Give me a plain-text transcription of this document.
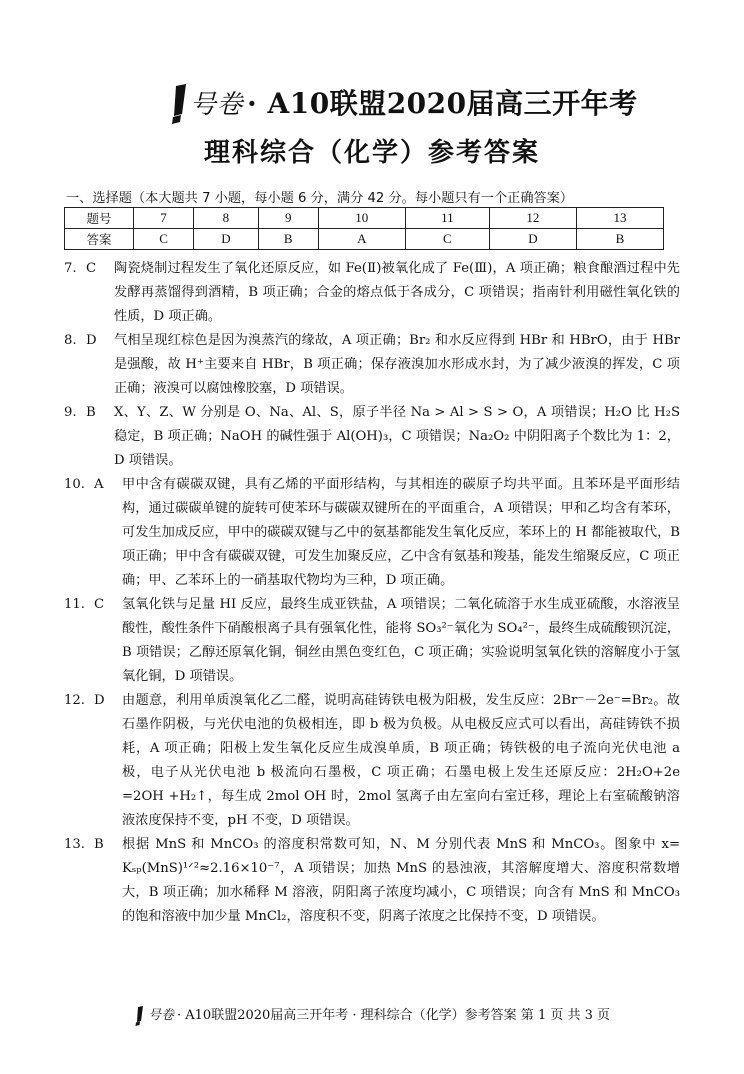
号卷 · A10联盟2020届高三开年考
理科综合（化学）参考答案
一、选择题（本大题共 7 小题，每小题 6 分，满分 42 分。每小题只有一个正确答案）
题号	7	8	9	10	11	12	13
答案	C	D	B	A	C	D	B
7. C	陶瓷烧制过程发生了氧化还原反应，如 Fe(Ⅱ)被氧化成了 Fe(Ⅲ)，A 项正确；粮食酿酒过程中先发酵再蒸馏得到酒精，B 项正确；合金的熔点低于各成分，C 项错误；指南针利用磁性氧化铁的性质，D 项正确。
8. D	气相呈现红棕色是因为溴蒸汽的缘故，A 项正确；Br₂ 和水反应得到 HBr 和 HBrO，由于 HBr 是强酸，故 H⁺主要来自 HBr，B 项正确；保存液溴加水形成水封，为了减少液溴的挥发，C 项正确；液溴可以腐蚀橡胶塞，D 项错误。
9. B	X、Y、Z、W 分别是 O、Na、Al、S，原子半径 Na > Al > S > O，A 项错误；H₂O 比 H₂S 稳定，B 项正确；NaOH 的碱性强于 Al(OH)₃，C 项错误；Na₂O₂ 中阴阳离子个数比为 1：2，D 项错误。
10. A	甲中含有碳碳双键，具有乙烯的平面形结构，与其相连的碳原子均共平面。且苯环是平面形结构，通过碳碳单键的旋转可使苯环与碳碳双键所在的平面重合，A 项错误；甲和乙均含有苯环，可发生加成反应，甲中的碳碳双键与乙中的氨基都能发生氧化反应，苯环上的 H 都能被取代，B 项正确；甲中含有碳碳双键，可发生加聚反应，乙中含有氨基和羧基，能发生缩聚反应，C 项正确；甲、乙苯环上的一硝基取代物均为三种，D 项正确。
11. C	氢氧化铁与足量 HI 反应，最终生成亚铁盐，A 项错误；二氧化硫溶于水生成亚硫酸，水溶液呈酸性，酸性条件下硝酸根离子具有强氧化性，能将 SO₃²⁻氧化为 SO₄²⁻，最终生成硫酸钡沉淀，B 项错误；乙醇还原氧化铜，铜丝由黑色变红色，C 项正确；实验说明氢氧化铁的溶解度小于氢氧化铜，D 项错误。
12. D	由题意，利用单质溴氧化乙二醛，说明高硅铸铁电极为阳极，发生反应：2Br⁻－2e⁻=Br₂。故石墨作阴极，与光伏电池的负极相连，即 b 极为负极。从电极反应式可以看出，高硅铸铁不损耗，A 项正确；阳极上发生氧化反应生成溴单质，B 项正确；铸铁极的电子流向光伏电池 a 极，电子从光伏电池 b 极流向石墨极，C 项正确；石墨电极上发生还原反应：2H₂O+2e =2OH +H₂↑，每生成 2mol OH 时，2mol 氢离子由左室向右室迁移，理论上右室硫酸钠溶液浓度保持不变，pH 不变，D 项错误。
13. B	根据 MnS 和 MnCO₃ 的溶度积常数可知，N、M 分别代表 MnS 和 MnCO₃。图象中 x= Kₛₚ(MnS)¹ᐟ²≈2.16×10⁻⁷，A 项错误；加热 MnS 的悬浊液，其溶解度增大、溶度积常数增大，B 项正确；加水稀释 M 溶液，阴阳离子浓度均减小，C 项错误；向含有 MnS 和 MnCO₃ 的饱和溶液中加少量 MnCl₂，溶度积不变，阴离子浓度之比保持不变，D 项错误。
号卷 · A10联盟2020届高三开年考 · 理科综合（化学）参考答案 第 1 页 共 3 页
